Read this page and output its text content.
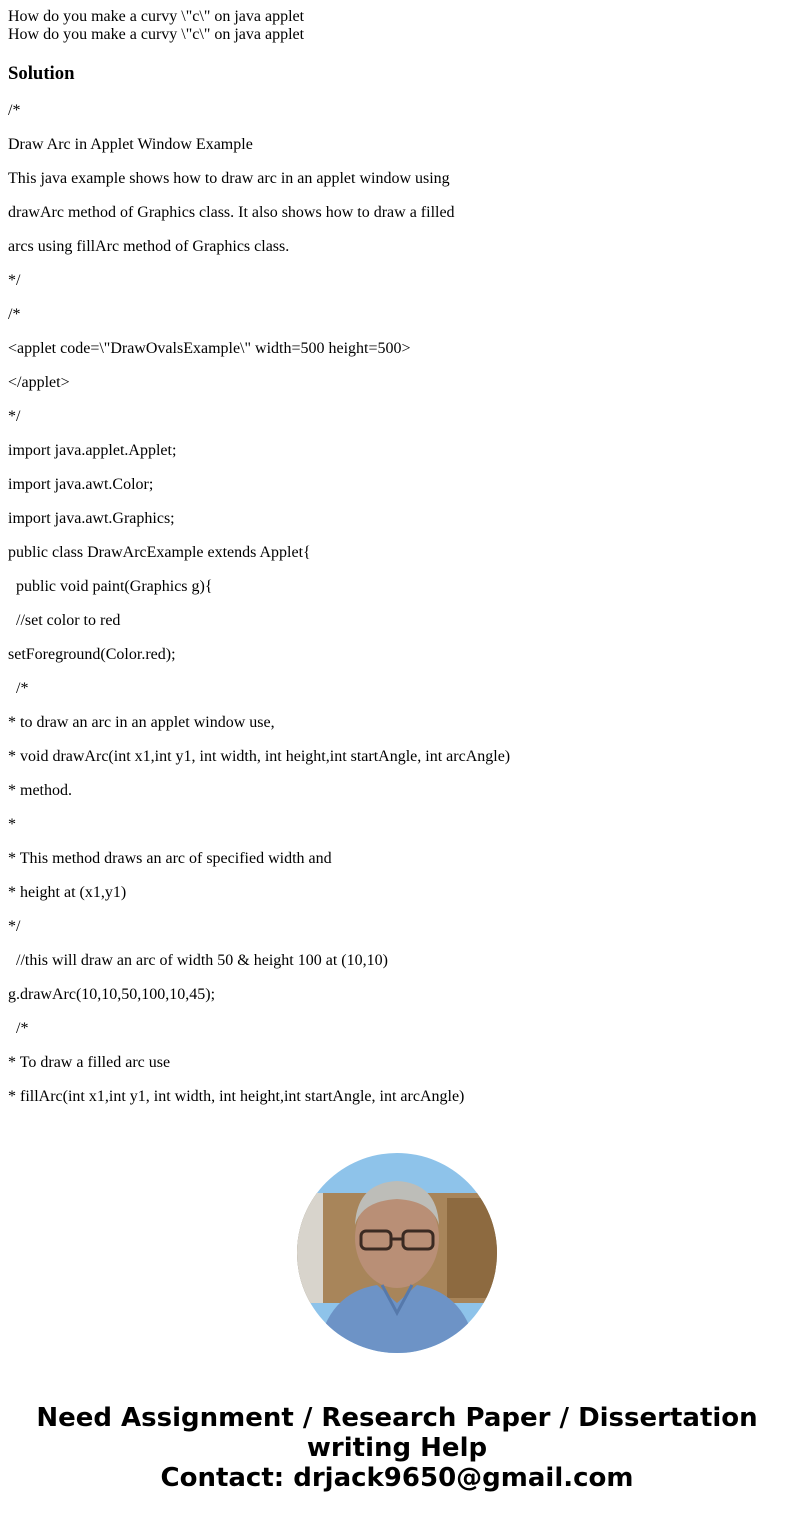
How do you make a curvy \"c\" on java applet
How do you make a curvy \"c\" on java applet
Solution
/*
Draw Arc in Applet Window Example
This java example shows how to draw arc in an applet window using
drawArc method of Graphics class. It also shows how to draw a filled
arcs using fillArc method of Graphics class.
*/
/*
<applet code=\"DrawOvalsExample\" width=500 height=500>
</applet>
*/
import java.applet.Applet;
import java.awt.Color;
import java.awt.Graphics;
public class DrawArcExample extends Applet{
public void paint(Graphics g){
//set color to red
setForeground(Color.red);
/*
* to draw an arc in an applet window use,
* void drawArc(int x1,int y1, int width, int height,int startAngle, int arcAngle)
* method.
*
* This method draws an arc of specified width and
* height at (x1,y1)
*/
//this will draw an arc of width 50 & height 100 at (10,10)
g.drawArc(10,10,50,100,10,45);
/*
* To draw a filled arc use
* fillArc(int x1,int y1, int width, int height,int startAngle, int arcAngle)
Need Assignment / Research Paper / Dissertation
writing Help
Contact: drjack9650@gmail.com
